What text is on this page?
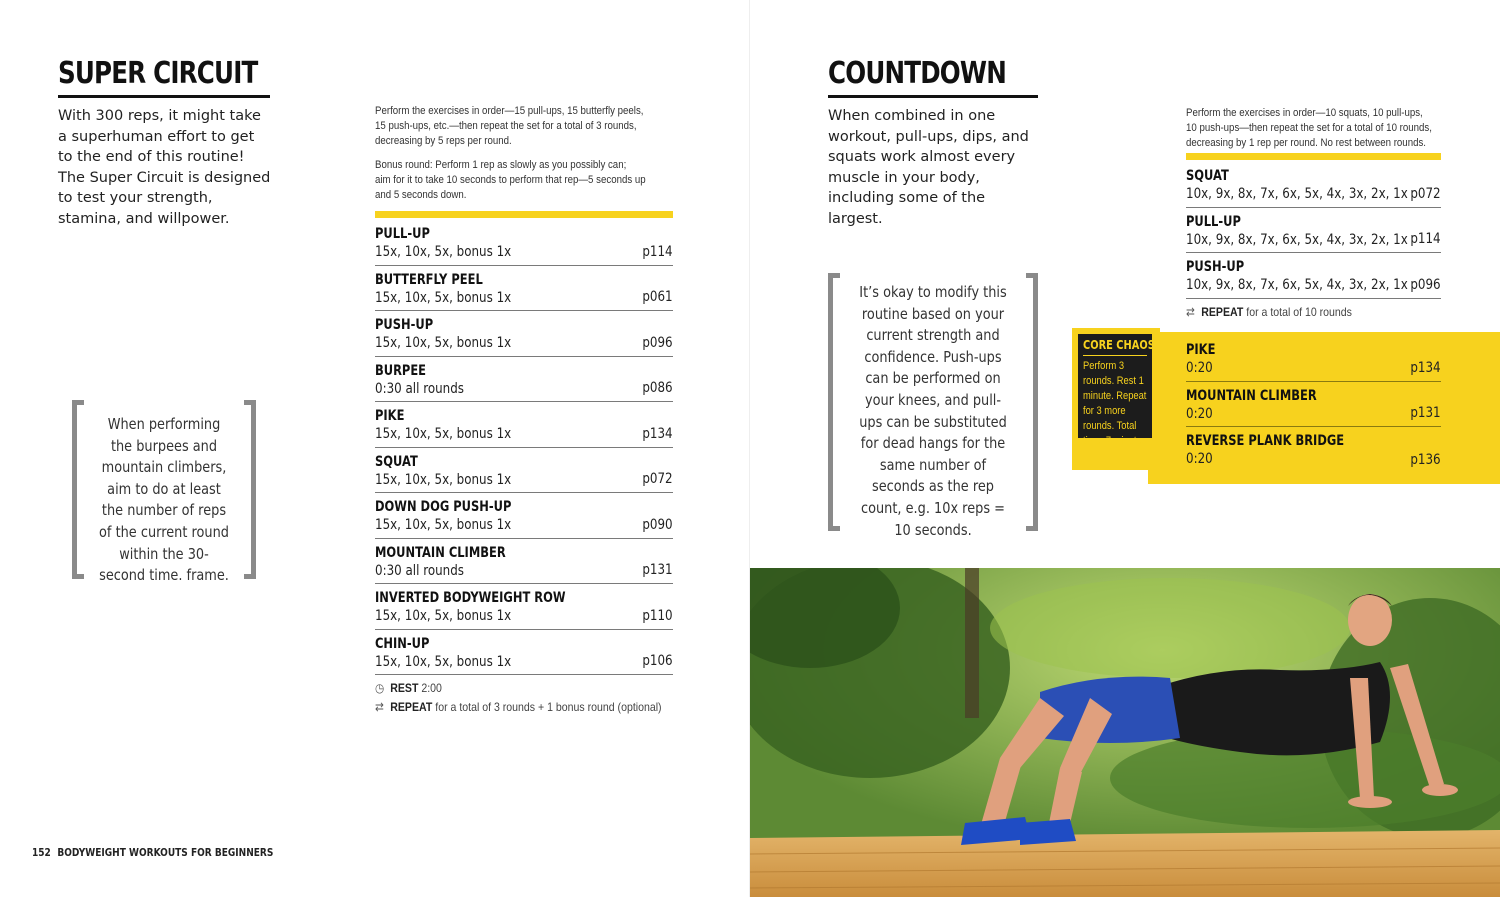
SUPER CIRCUIT

With 300 reps, it might take a superhuman effort to get to the end of this routine! The Super Circuit is designed to test your strength, stamina, and willpower.

Perform the exercises in order—15 pull-ups, 15 butterfly peels,

15 push-ups, etc.—then repeat the set for a total of 3 rounds,

decreasing by 5 reps per round.

Bonus round: Perform 1 rep as slowly as you possibly can;

aim for it to take 10 seconds to perform that rep—5 seconds up

and 5 seconds down.

PULL-UP
15x, 10x, 5x, bonus 1x	p114
BUTTERFLY PEEL
15x, 10x, 5x, bonus 1x	p061
PUSH-UP
15x, 10x, 5x, bonus 1x	p096
BURPEE
0:30 all rounds	p086
PIKE
15x, 10x, 5x, bonus 1x	p134
SQUAT
15x, 10x, 5x, bonus 1x	p072
DOWN DOG PUSH-UP
15x, 10x, 5x, bonus 1x	p090
MOUNTAIN CLIMBER
0:30 all rounds	p131
INVERTED BODYWEIGHT ROW
15x, 10x, 5x, bonus 1x	p110
CHIN-UP
15x, 10x, 5x, bonus 1x	p106
◷ REST 2:00
⇄ REPEAT for a total of 3 rounds + 1 bonus round (optional)
When performing the burpees and mountain climbers, aim to do at least the number of reps of the current round within the 30-second time. frame.
152 BODYWEIGHT WORKOUTS FOR BEGINNERS
COUNTDOWN

When combined in one workout, pull-ups, dips, and squats work almost every muscle in your body, including some of the largest.

Perform the exercises in order—10 squats, 10 pull-ups,

10 push-ups—then repeat the set for a total of 10 rounds,

decreasing by 1 rep per round. No rest between rounds.

SQUAT
10x, 9x, 8x, 7x, 6x, 5x, 4x, 3x, 2x, 1x p072
PULL-UP
10x, 9x, 8x, 7x, 6x, 5x, 4x, 3x, 2x, 1x p114
PUSH-UP
10x, 9x, 8x, 7x, 6x, 5x, 4x, 3x, 2x, 1x p096
⇄ REPEAT for a total of 10 rounds
It’s okay to modify this routine based on your current strength and confidence. Push-ups can be performed on your knees, and pull-ups can be substituted for dead hangs for the same number of seconds as the rep count, e.g. 10x reps = 10 seconds.
CORE CHAOS

Perform 3 rounds. Rest 1 minute. Repeat for 3 more rounds. Total time: 7 minutes

PIKE
0:20	p134
MOUNTAIN CLIMBER
0:20	p131
REVERSE PLANK BRIDGE
0:20	p136
